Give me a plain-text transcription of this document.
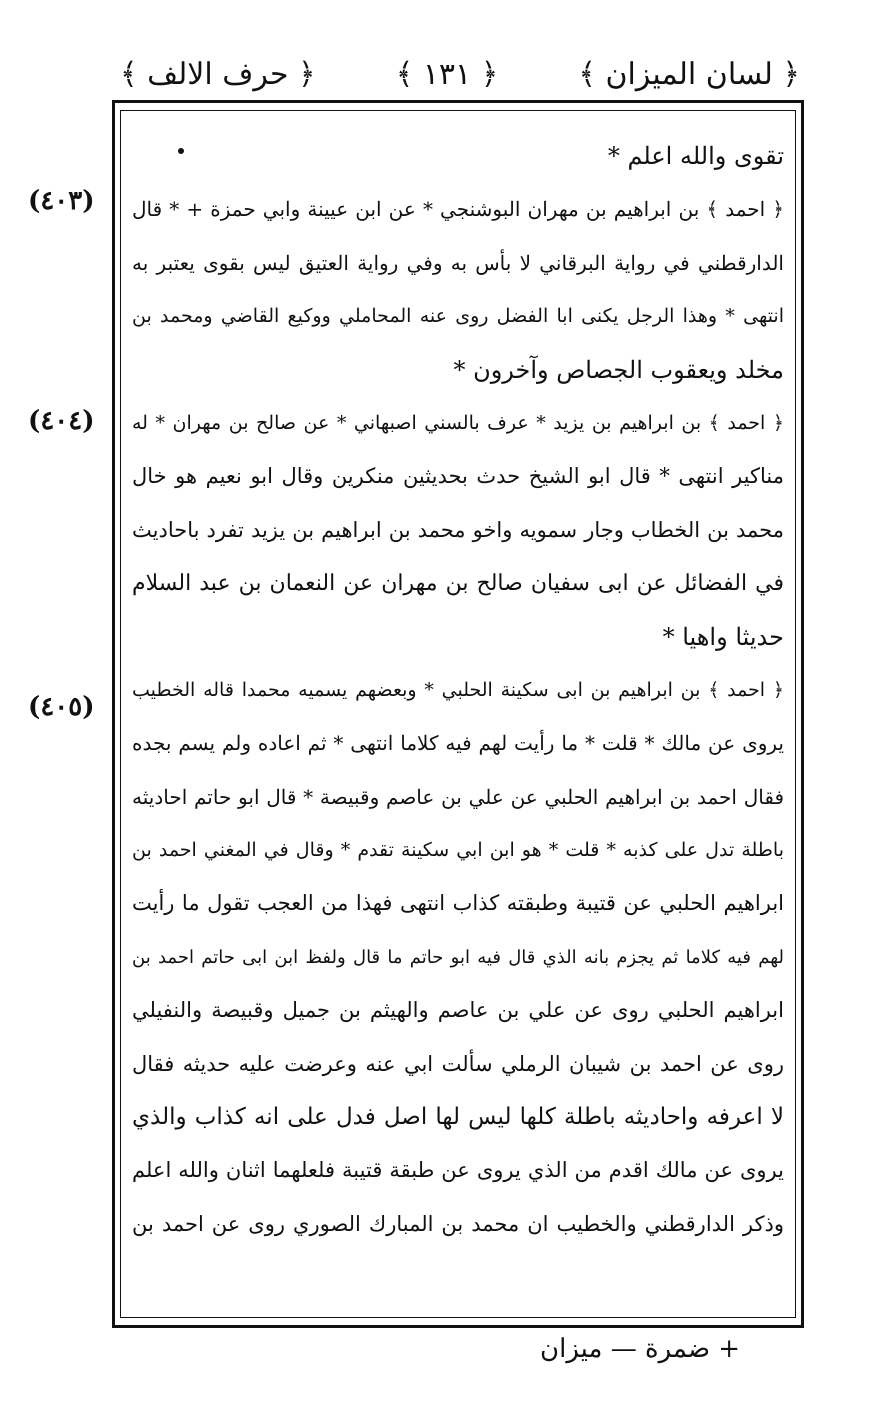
﴿ حرف الالف ﴾	﴿ ١٣١ ﴾	﴿ لسان الميزان ﴾
(٤٠٣)
(٤٠٤)
(٤٠٥)
تقوى والله اعلم *
﴿ احمد ﴾ بن ابراهيم بن مهران البوشنجي * عن ابن عيينة وابي حمزة + * قال
الدارقطني في رواية البرقاني لا بأس به وفي رواية العتيق ليس بقوى يعتبر به
انتهى * وهذا الرجل يكنى ابا الفضل روى عنه المحاملي ووكيع القاضي ومحمد بن
مخلد ويعقوب الجصاص وآخرون *
﴿ احمد ﴾ بن ابراهيم بن يزيد * عرف بالسني اصبهاني * عن صالح بن مهران * له
مناكير انتهى * قال ابو الشيخ حدث بحديثين منكرين وقال ابو نعيم هو خال
محمد بن الخطاب وجار سمويه واخو محمد بن ابراهيم بن يزيد تفرد باحاديث
في الفضائل عن ابى سفيان صالح بن مهران عن النعمان بن عبد السلام
حديثا واهيا *
﴿ احمد ﴾ بن ابراهيم بن ابى سكينة الحلبي * وبعضهم يسميه محمدا قاله الخطيب
يروى عن مالك * قلت * ما رأيت لهم فيه كلاما انتهى * ثم اعاده ولم يسم بجده
فقال احمد بن ابراهيم الحلبي عن علي بن عاصم وقبيصة * قال ابو حاتم احاديثه
باطلة تدل على كذبه * قلت * هو ابن ابي سكينة تقدم * وقال في المغني احمد بن
ابراهيم الحلبي عن قتيبة وطبقته كذاب انتهى فهذا من العجب تقول ما رأيت
لهم فيه كلاما ثم يجزم بانه الذي قال فيه ابو حاتم ما قال ولفظ ابن ابى حاتم احمد بن
ابراهيم الحلبي روى عن علي بن عاصم والهيثم بن جميل وقبيصة والنفيلي
روى عن احمد بن شيبان الرملي سألت ابي عنه وعرضت عليه حديثه فقال
لا اعرفه واحاديثه باطلة كلها ليس لها اصل فدل على انه كذاب والذي
يروى عن مالك اقدم من الذي يروى عن طبقة قتيبة فلعلهما اثنان والله اعلم
وذكر الدارقطني والخطيب ان محمد بن المبارك الصوري روى عن احمد بن
+ ضمرة — ميزان
